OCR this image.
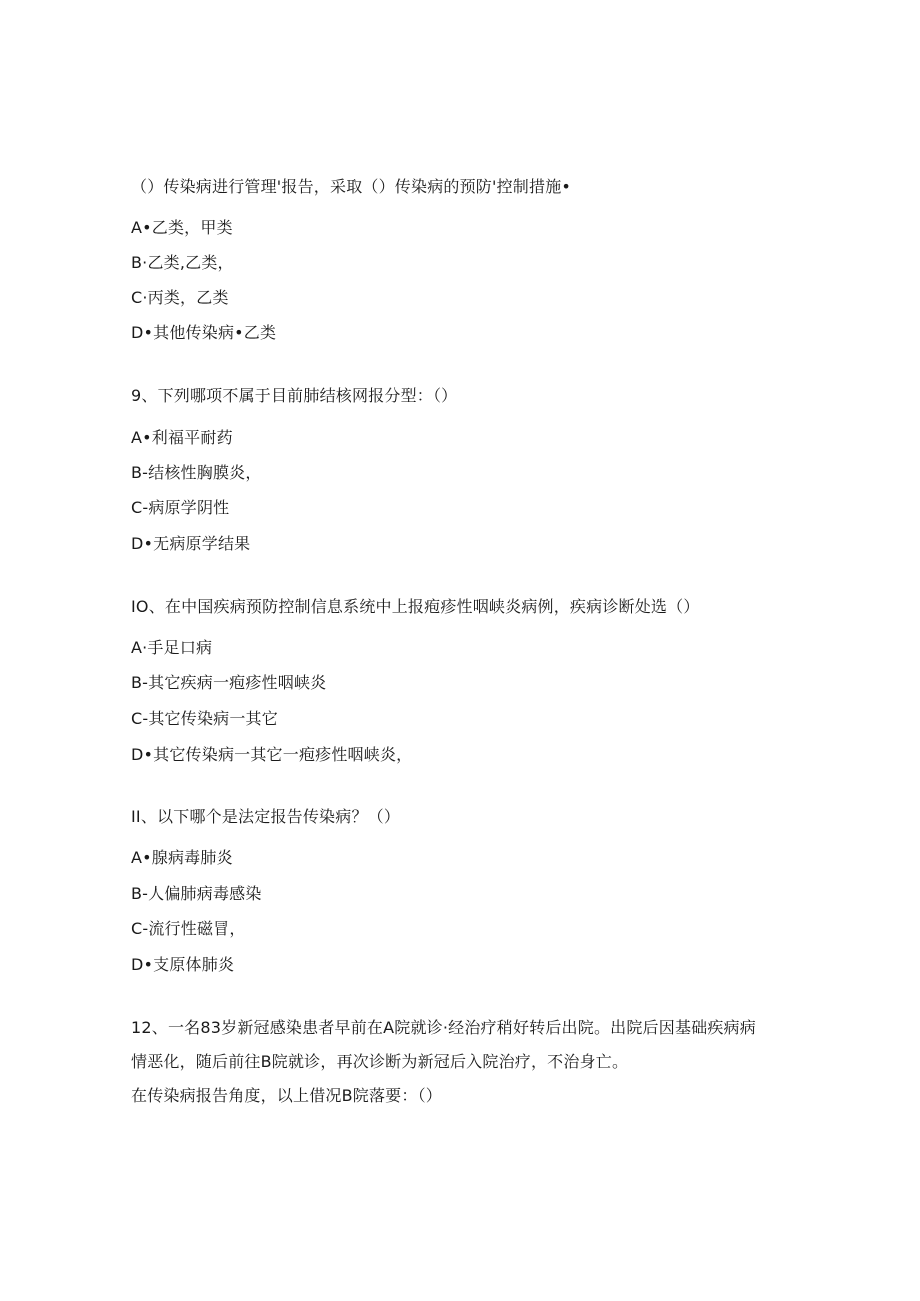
（）传染病进行管理'报告，采取（）传染病的预防'控制措施•
A•乙类，甲类
B·乙类,乙类，
C·丙类，乙类
D•其他传染病•乙类
9、下列哪项不属于目前肺结核网报分型：（）
A•利福平耐药
B-结核性胸膜炎，
C-病原学阴性
D•无病原学结果
IO、在中国疾病预防控制信息系统中上报疱疹性咽峡炎病例，疾病诊断处选（）
A·手足口病
B-其它疾病一疱疹性咽峡炎
C-其它传染病一其它
D•其它传染病一其它一疱疹性咽峡炎，
II、以下哪个是法定报告传染病？（）
A•腺病毒肺炎
B-人偏肺病毒感染
C-流行性磁冒，
D•支原体肺炎
12、一名83岁新冠感染患者早前在A院就诊·经治疗稍好转后出院。出院后因基础疾病病
情恶化，随后前往B院就诊，再次诊断为新冠后入院治疗，不治身亡。
在传染病报告角度，以上借况B院落要：（）
